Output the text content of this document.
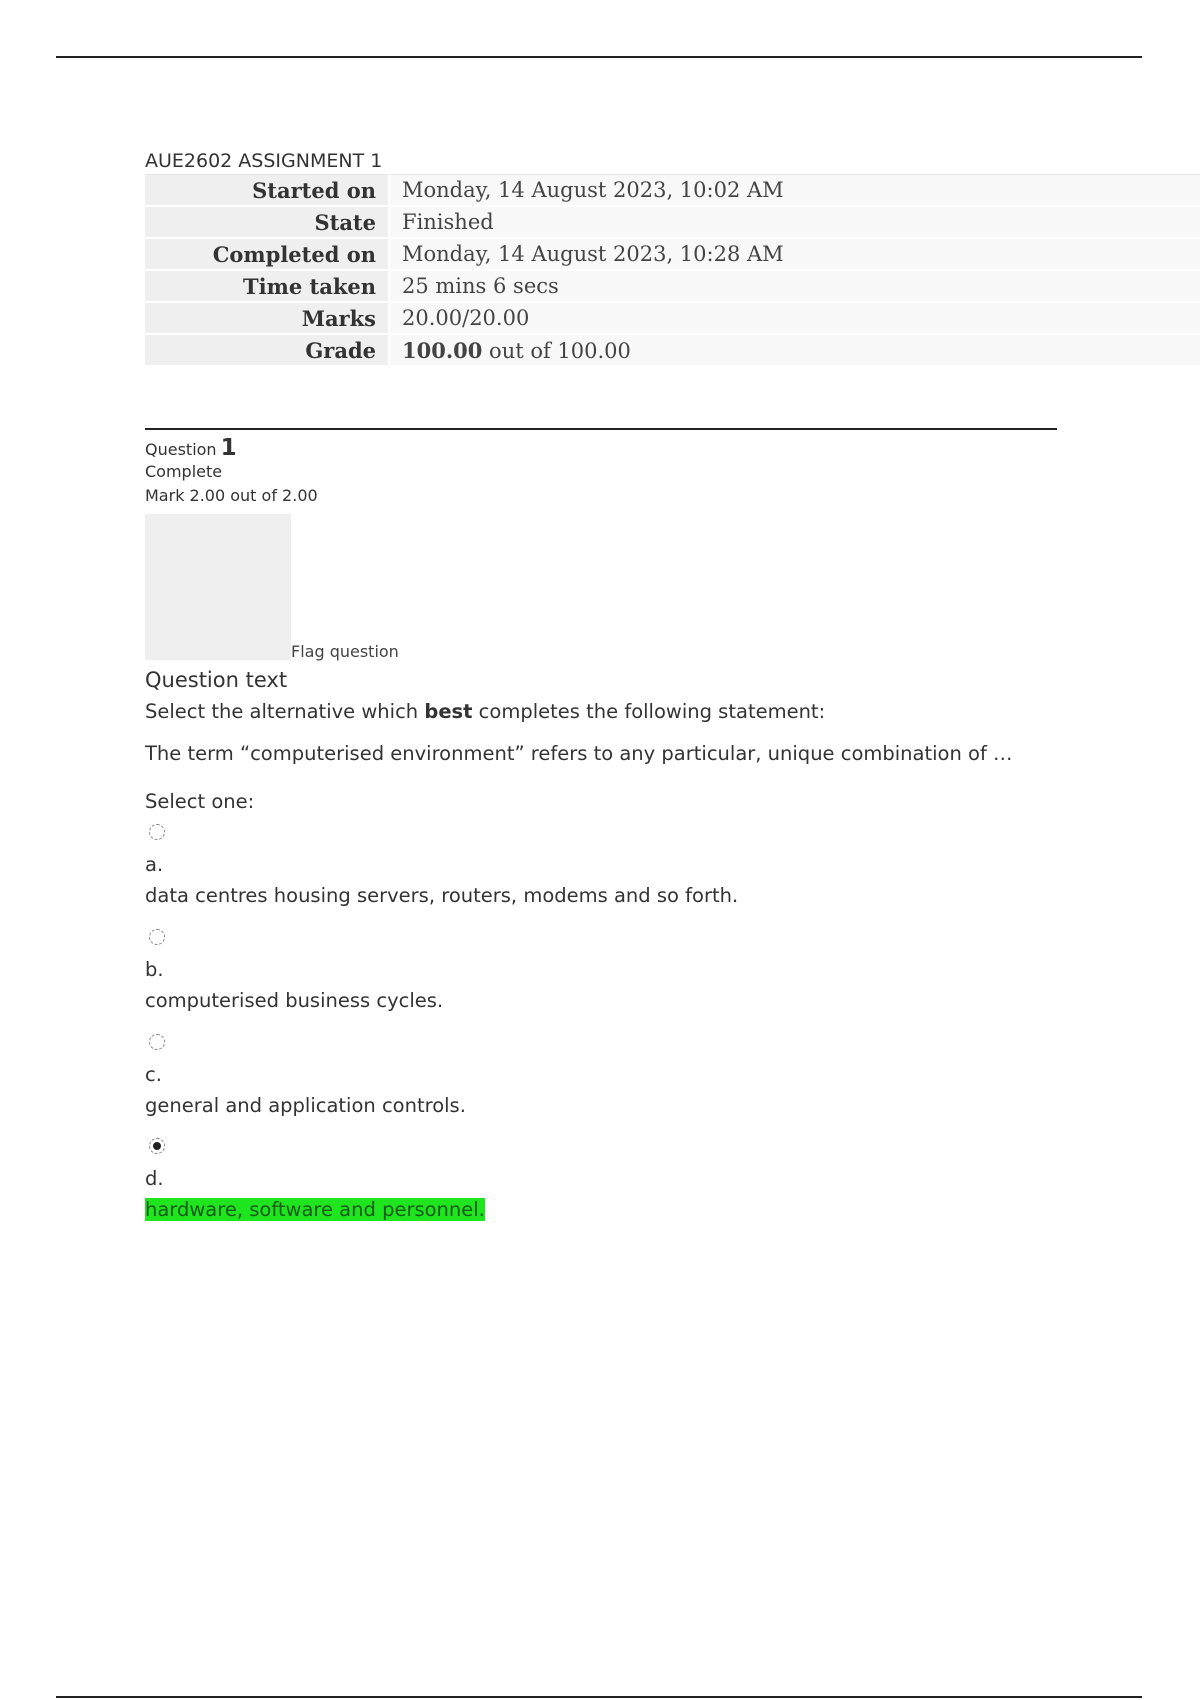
AUE2602 ASSIGNMENT 1
Started on	Monday, 14 August 2023, 10:02 AM
State	Finished
Completed on	Monday, 14 August 2023, 10:28 AM
Time taken	25 mins 6 secs
Marks	20.00/20.00
Grade	100.00 out of 100.00
Question 1
Complete
Mark 2.00 out of 2.00
Flag question
Question text
Select the alternative which best completes the following statement:
The term “computerised environment” refers to any particular, unique combination of …
Select one:
a.
data centres housing servers, routers, modems and so forth.
b.
computerised business cycles.
c.
general and application controls.
d.
hardware, software and personnel.
